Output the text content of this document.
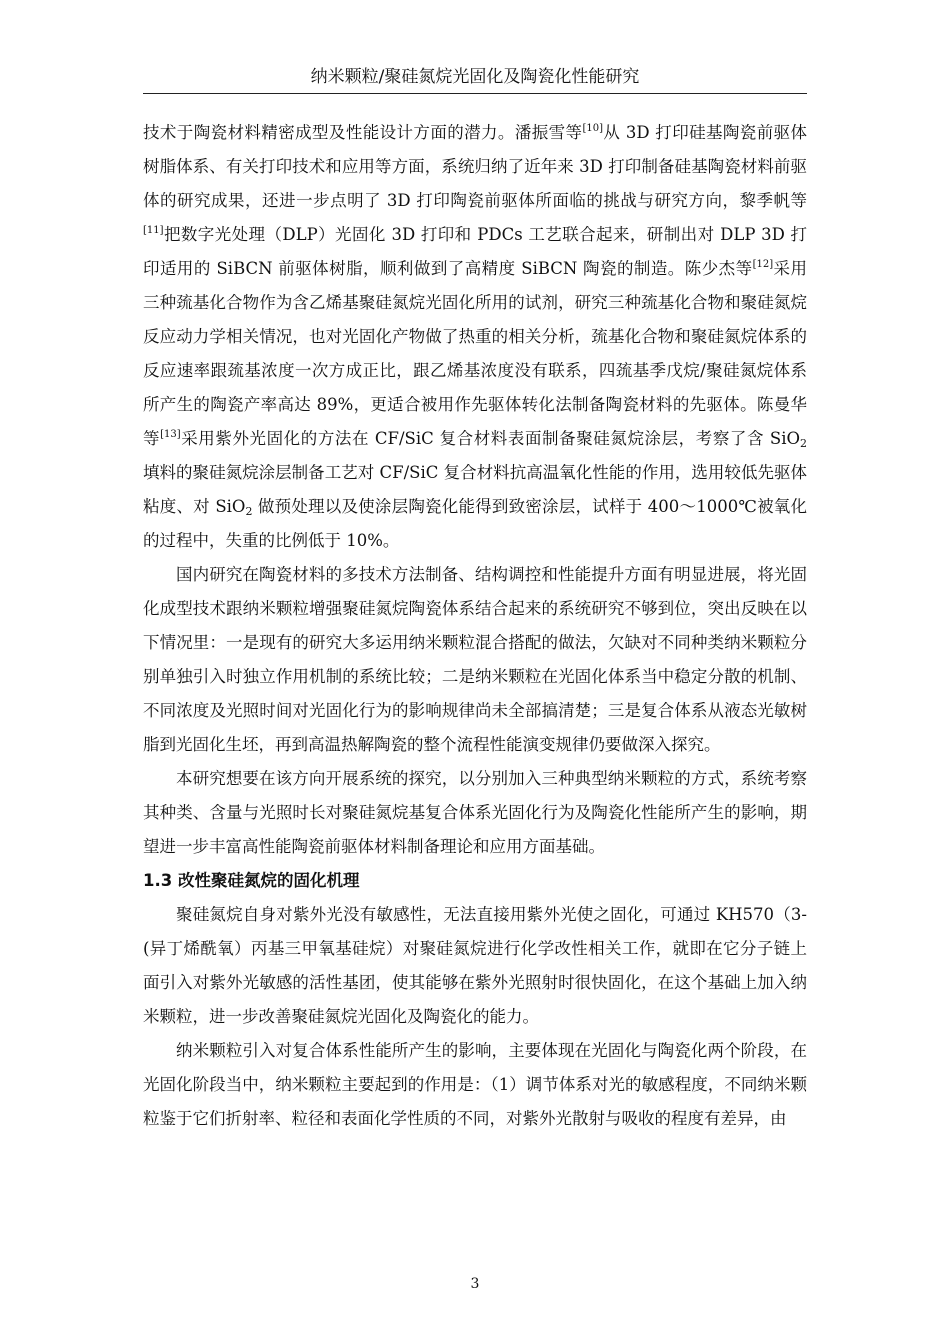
纳米颗粒/聚硅氮烷光固化及陶瓷化性能研究

技术于陶瓷材料精密成型及性能设计方面的潜力。潘振雪等[10]从 3D 打印硅基陶瓷前驱体树脂体系、有关打印技术和应用等方面，系统归纳了近年来 3D 打印制备硅基陶瓷材料前驱体的研究成果，还进一步点明了 3D 打印陶瓷前驱体所面临的挑战与研究方向，黎季帆等[11]把数字光处理（DLP）光固化 3D 打印和 PDCs 工艺联合起来，研制出对 DLP 3D 打印适用的 SiBCN 前驱体树脂，顺利做到了高精度 SiBCN 陶瓷的制造。陈少杰等[12]采用三种巯基化合物作为含乙烯基聚硅氮烷光固化所用的试剂，研究三种巯基化合物和聚硅氮烷反应动力学相关情况，也对光固化产物做了热重的相关分析，巯基化合物和聚硅氮烷体系的反应速率跟巯基浓度一次方成正比，跟乙烯基浓度没有联系，四巯基季戊烷/聚硅氮烷体系所产生的陶瓷产率高达 89%，更适合被用作先驱体转化法制备陶瓷材料的先驱体。陈曼华等[13]采用紫外光固化的方法在 CF/SiC 复合材料表面制备聚硅氮烷涂层，考察了含 SiO$_2$ 填料的聚硅氮烷涂层制备工艺对 CF/SiC 复合材料抗高温氧化性能的作用，选用较低先驱体粘度、对 SiO$_2$ 做预处理以及使涂层陶瓷化能得到致密涂层，试样于 400～1000℃被氧化的过程中，失重的比例低于 10%。

国内研究在陶瓷材料的多技术方法制备、结构调控和性能提升方面有明显进展，将光固化成型技术跟纳米颗粒增强聚硅氮烷陶瓷体系结合起来的系统研究不够到位，突出反映在以下情况里：一是现有的研究大多运用纳米颗粒混合搭配的做法，欠缺对不同种类纳米颗粒分别单独引入时独立作用机制的系统比较；二是纳米颗粒在光固化体系当中稳定分散的机制、不同浓度及光照时间对光固化行为的影响规律尚未全部搞清楚；三是复合体系从液态光敏树脂到光固化生坯，再到高温热解陶瓷的整个流程性能演变规律仍要做深入探究。

本研究想要在该方向开展系统的探究，以分别加入三种典型纳米颗粒的方式，系统考察其种类、含量与光照时长对聚硅氮烷基复合体系光固化行为及陶瓷化性能所产生的影响，期望进一步丰富高性能陶瓷前驱体材料制备理论和应用方面基础。

1.3 改性聚硅氮烷的固化机理

聚硅氮烷自身对紫外光没有敏感性，无法直接用紫外光使之固化，可通过 KH570（3-(异丁烯酰氧）丙基三甲氧基硅烷）对聚硅氮烷进行化学改性相关工作，就即在它分子链上面引入对紫外光敏感的活性基团，使其能够在紫外光照射时很快固化，在这个基础上加入纳米颗粒，进一步改善聚硅氮烷光固化及陶瓷化的能力。

纳米颗粒引入对复合体系性能所产生的影响，主要体现在光固化与陶瓷化两个阶段，在光固化阶段当中，纳米颗粒主要起到的作用是：（1）调节体系对光的敏感程度，不同纳米颗粒鉴于它们折射率、粒径和表面化学性质的不同，对紫外光散射与吸收的程度有差异，由

3
